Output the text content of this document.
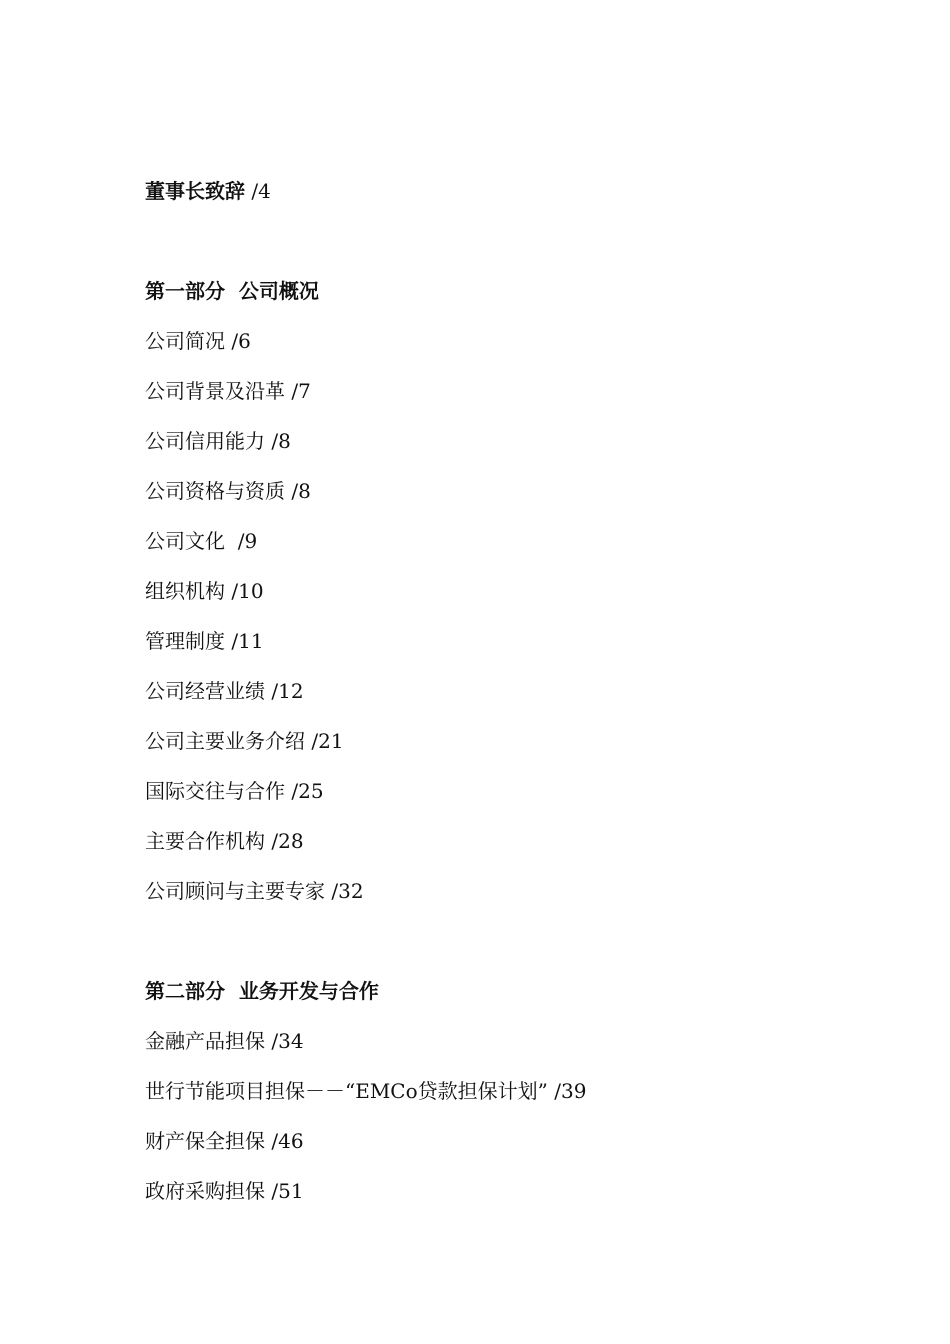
董事长致辞 /4
第一部分  公司概况
公司简况 /6
公司背景及沿革 /7
公司信用能力 /8
公司资格与资质 /8
公司文化  /9
组织机构 /10
管理制度 /11
公司经营业绩 /12
公司主要业务介绍 /21
国际交往与合作 /25
主要合作机构 /28
公司顾问与主要专家 /32
第二部分  业务开发与合作
金融产品担保 /34
世行节能项目担保－－“EMCo贷款担保计划” /39
财产保全担保 /46
政府采购担保 /51
